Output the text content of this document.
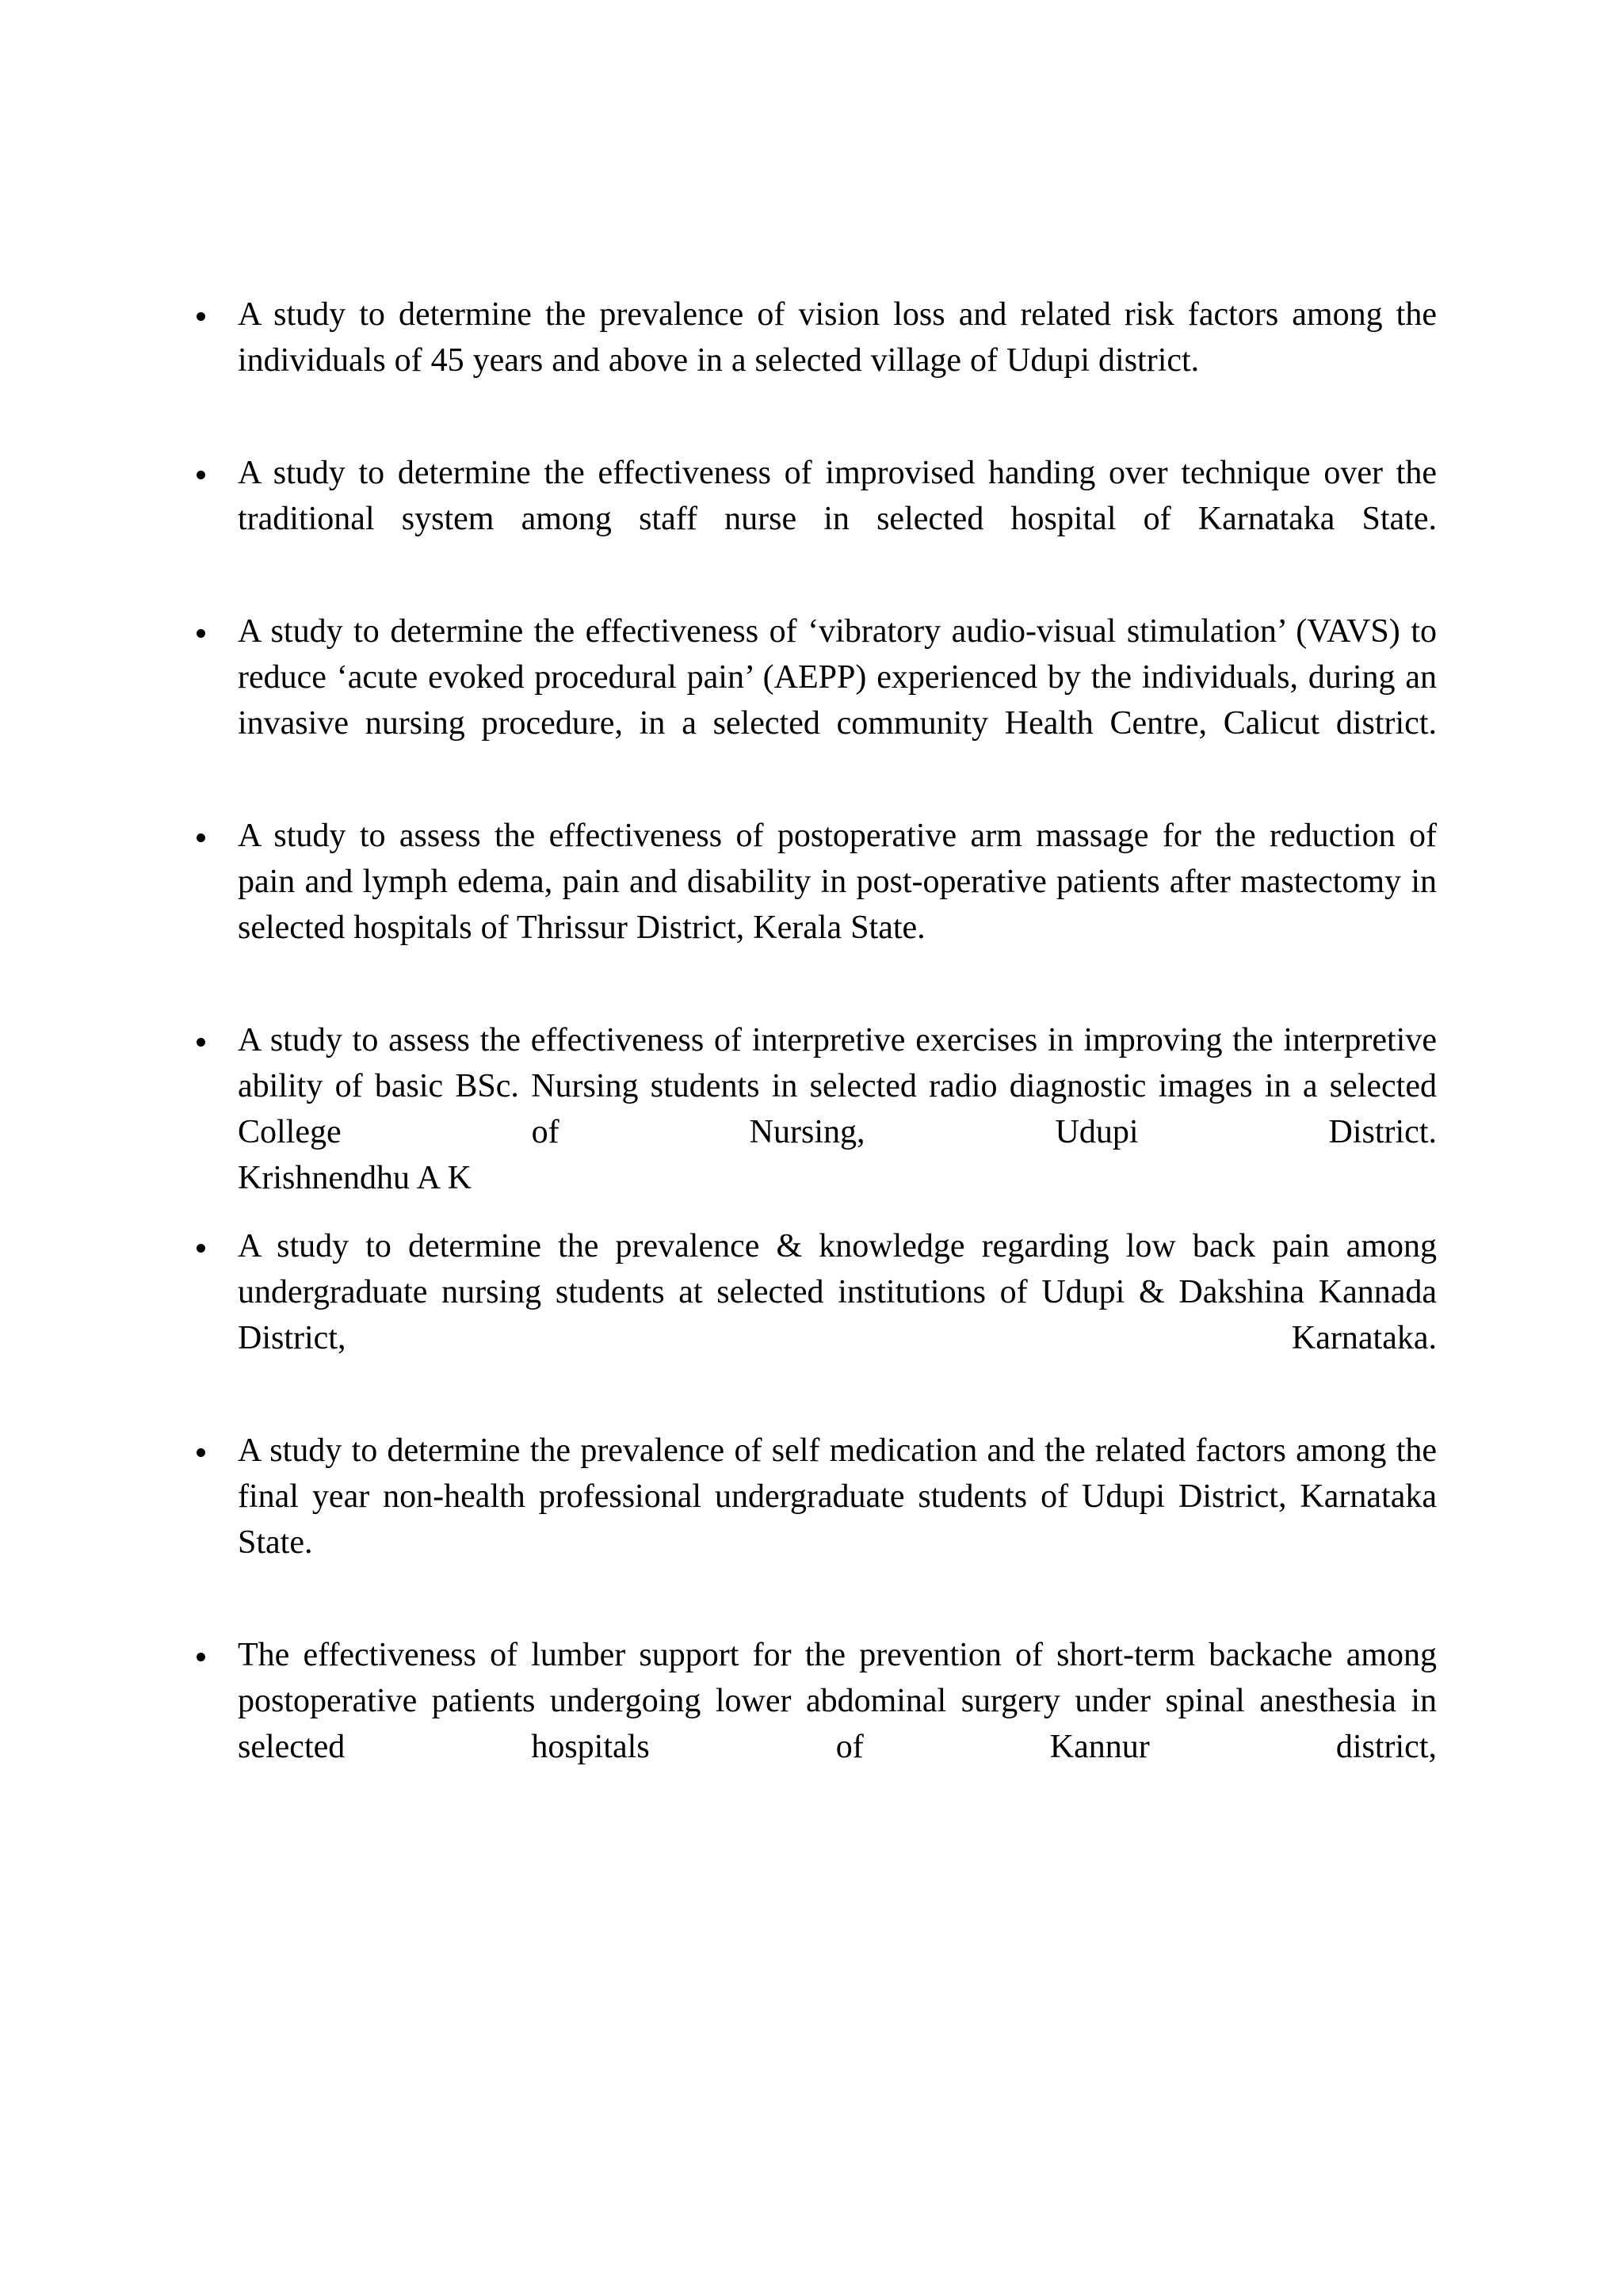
A study to determine the prevalence of vision loss and related risk factors among the individuals of 45 years and above in a selected village of Udupi district.
A study to determine the effectiveness of improvised handing over technique over the traditional system among staff nurse in selected hospital of Karnataka State.
A study to determine the effectiveness of ‘vibratory audio-visual stimulation’ (VAVS) to reduce ‘acute evoked procedural pain’ (AEPP) experienced by the individuals, during an invasive nursing procedure, in a selected community Health Centre, Calicut district.
A study to assess the effectiveness of postoperative arm massage for the reduction of pain and lymph edema, pain and disability in post-operative patients after mastectomy in selected hospitals of Thrissur District, Kerala State.
A study to assess the effectiveness of interpretive exercises in improving the interpretive ability of basic BSc. Nursing students in selected radio diagnostic images in a selected College of Nursing, Udupi District.
Krishnendhu A K
A study to determine the prevalence & knowledge regarding low back pain among undergraduate nursing students at selected institutions of Udupi & Dakshina Kannada District, Karnataka.
A study to determine the prevalence of self medication and the related factors among the final year non-health professional undergraduate students of Udupi District, Karnataka State.
The effectiveness of lumber support for the prevention of short-term backache among postoperative patients undergoing lower abdominal surgery under spinal anesthesia in selected hospitals of Kannur district,
